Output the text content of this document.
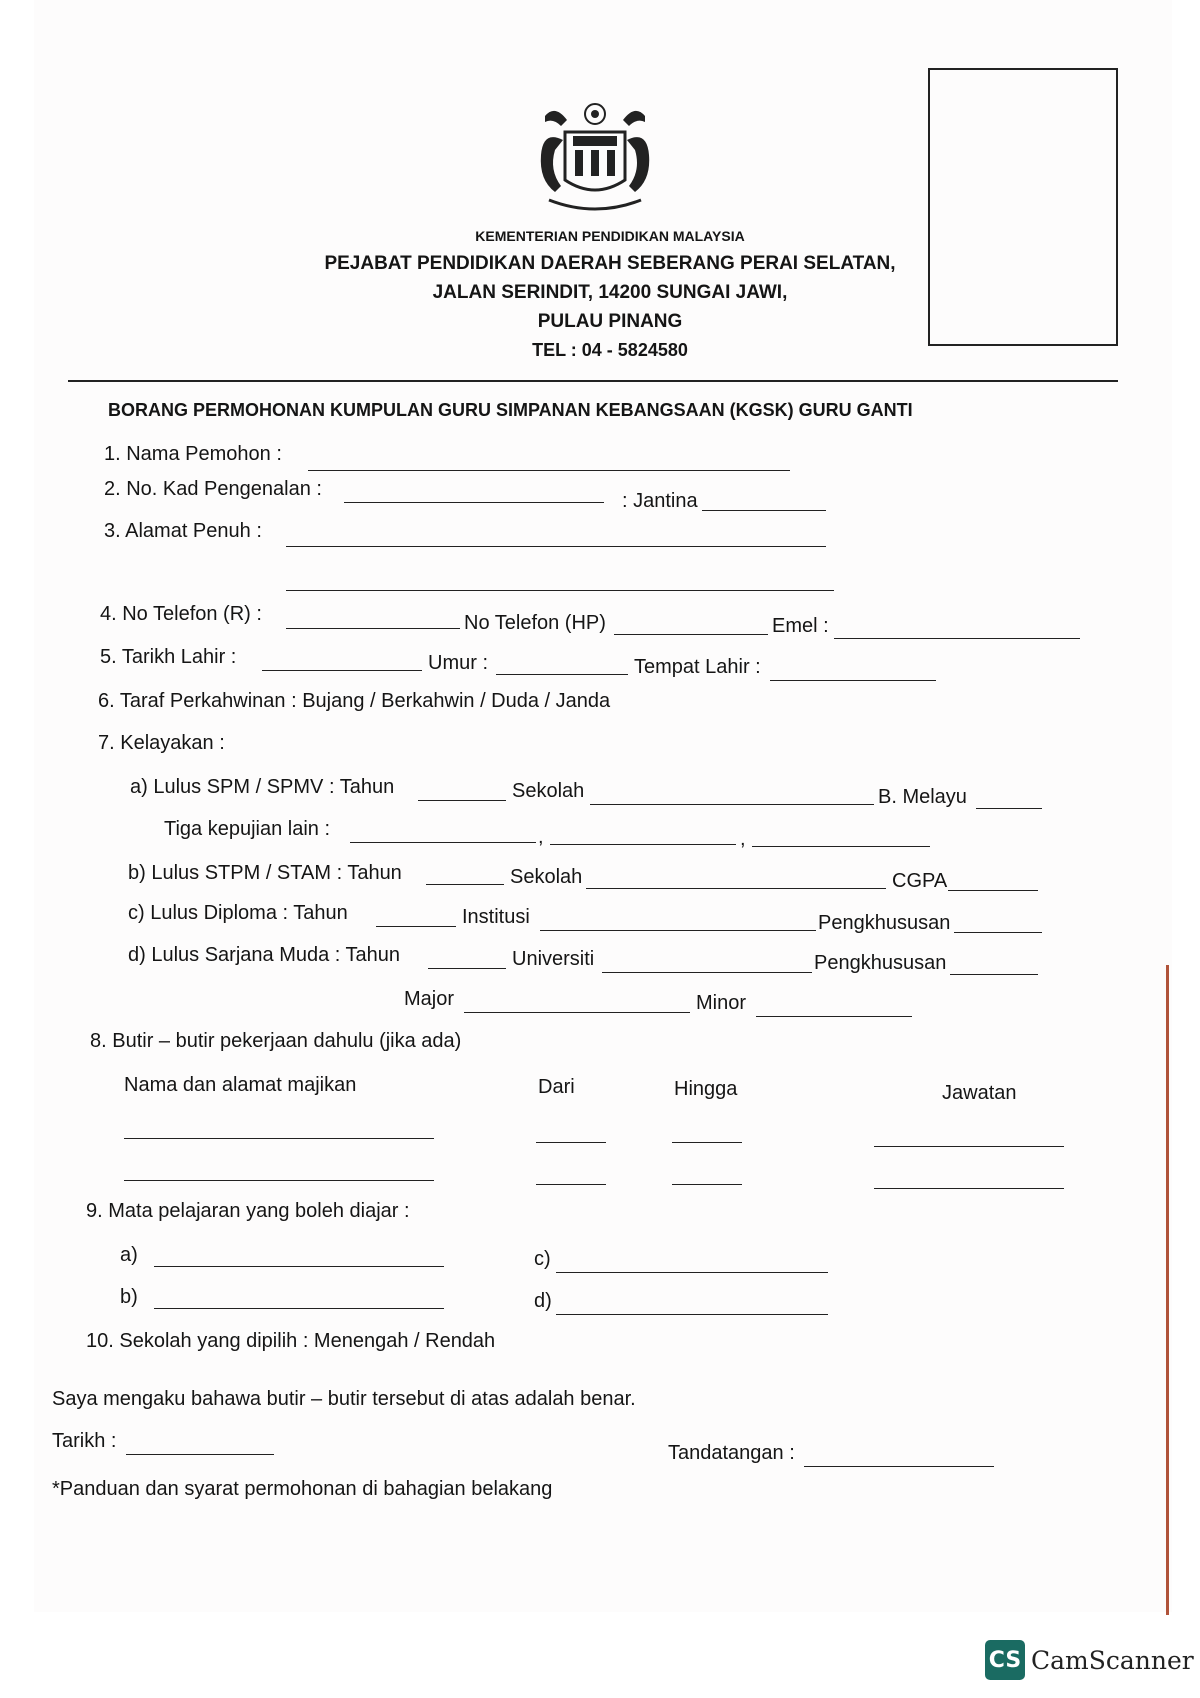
KEMENTERIAN PENDIDIKAN MALAYSIA
PEJABAT PENDIDIKAN DAERAH SEBERANG PERAI SELATAN,
JALAN SERINDIT, 14200 SUNGAI JAWI,
PULAU PINANG
TEL : 04 - 5824580
BORANG PERMOHONAN KUMPULAN GURU SIMPANAN KEBANGSAAN (KGSK) GURU GANTI
1. Nama Pemohon :
2. No. Kad Pengenalan :
: Jantina
3. Alamat Penuh :
4. No Telefon (R) :	No Telefon (HP)	Emel :
5. Tarikh Lahir :	Umur :	Tempat Lahir :
6. Taraf Perkahwinan : Bujang / Berkahwin / Duda / Janda
7. Kelayakan :
a) Lulus SPM / SPMV : Tahun	Sekolah	B. Melayu
Tiga kepujian lain :	,	,
b) Lulus STPM / STAM : Tahun	Sekolah	CGPA
c) Lulus Diploma : Tahun	Institusi	Pengkhususan
d) Lulus Sarjana Muda : Tahun	Universiti	Pengkhususan
Major	Minor
8. Butir – butir pekerjaan dahulu (jika ada)
Nama dan alamat majikan	Dari	Hingga	Jawatan
9. Mata pelajaran yang boleh diajar :
a)	c)
b)	d)
10. Sekolah yang dipilih : Menengah / Rendah
Saya mengaku bahawa butir – butir tersebut di atas adalah benar.
Tarikh :
Tandatangan :
*Panduan dan syarat permohonan di bahagian belakang
CS CamScanner
